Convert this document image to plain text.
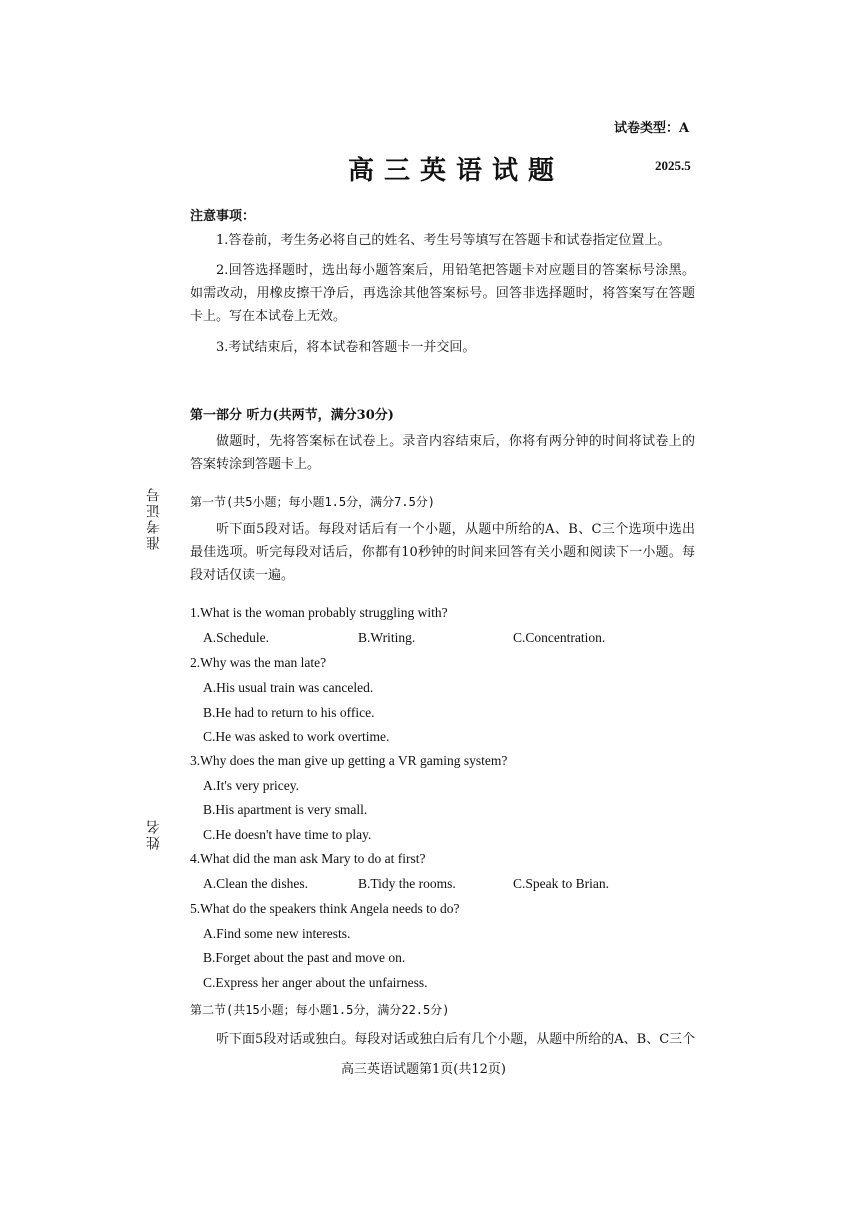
试卷类型：A
高三英语试题	2025.5
准考证号
姓名
注意事项：
1.答卷前，考生务必将自己的姓名、考生号等填写在答题卡和试卷指定位置上。
2.回答选择题时，选出每小题答案后，用铅笔把答题卡对应题目的答案标号涂黑。如需改动，用橡皮擦干净后，再选涂其他答案标号。回答非选择题时，将答案写在答题卡上。写在本试卷上无效。
3.考试结束后，将本试卷和答题卡一并交回。
第一部分 听力(共两节，满分30分)
做题时，先将答案标在试卷上。录音内容结束后，你将有两分钟的时间将试卷上的答案转涂到答题卡上。
第一节(共5小题；每小题1.5分，满分7.5分)
听下面5段对话。每段对话后有一个小题，从题中所给的A、B、C三个选项中选出最佳选项。听完每段对话后，你都有10秒钟的时间来回答有关小题和阅读下一小题。每段对话仅读一遍。
1.What is the woman probably struggling with?
A.Schedule.	B.Writing.	C.Concentration.
2.Why was the man late?
A.His usual train was canceled.
B.He had to return to his office.
C.He was asked to work overtime.
3.Why does the man give up getting a VR gaming system?
A.It's very pricey.
B.His apartment is very small.
C.He doesn't have time to play.
4.What did the man ask Mary to do at first?
A.Clean the dishes.	B.Tidy the rooms.	C.Speak to Brian.
5.What do the speakers think Angela needs to do?
A.Find some new interests.
B.Forget about the past and move on.
C.Express her anger about the unfairness.
第二节(共15小题；每小题1.5分，满分22.5分)
听下面5段对话或独白。每段对话或独白后有几个小题，从题中所给的A、B、C三个
高三英语试题第1页(共12页)
